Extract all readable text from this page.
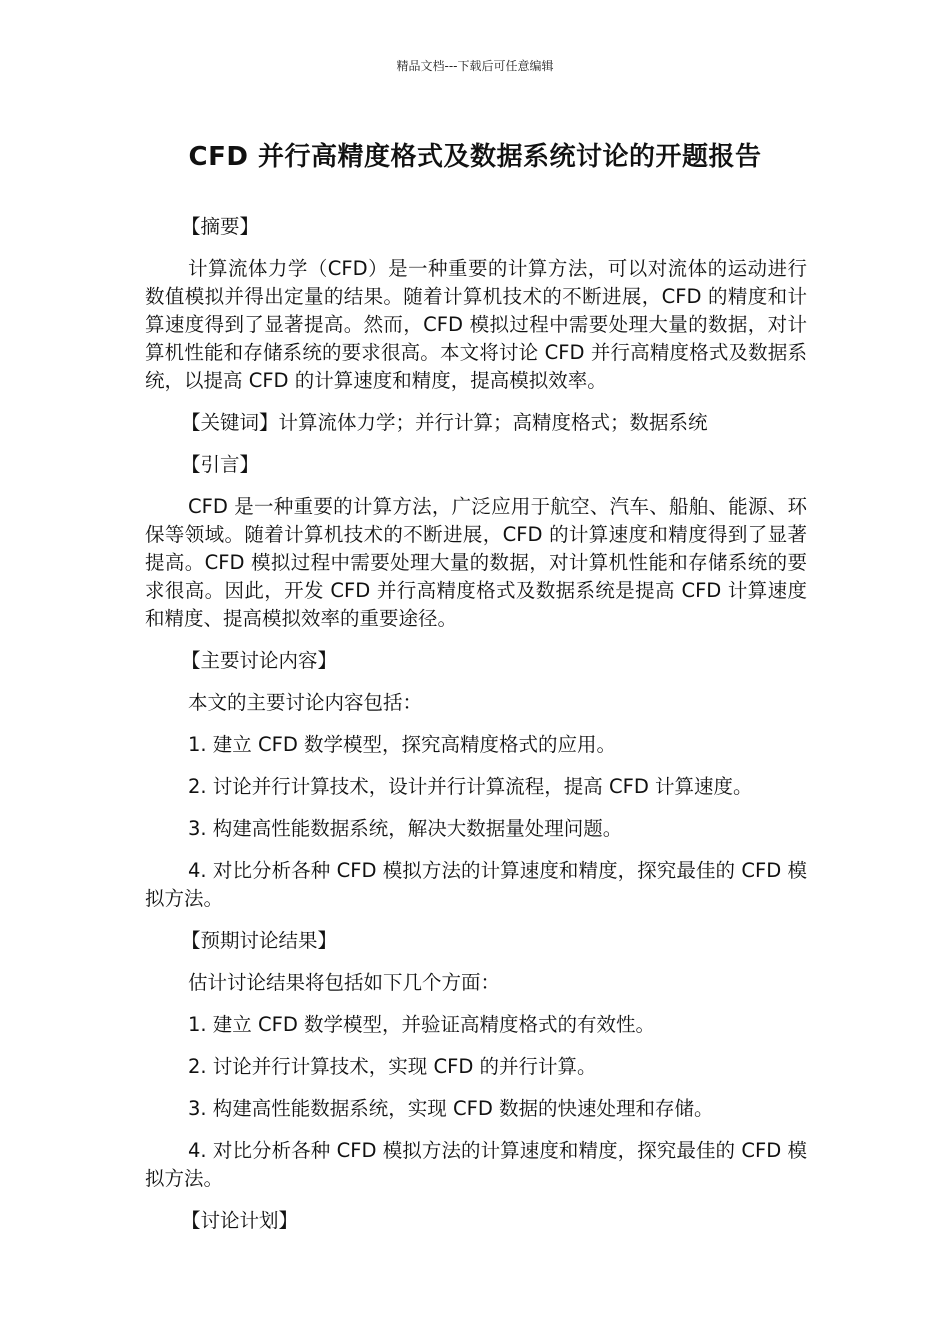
精品文档---下载后可任意编辑
CFD 并行高精度格式及数据系统讨论的开题报告
【摘要】

计算流体力学（CFD）是一种重要的计算方法，可以对流体的运动进行数值模拟并得出定量的结果。随着计算机技术的不断进展，CFD 的精度和计算速度得到了显著提高。然而，CFD 模拟过程中需要处理大量的数据，对计算机性能和存储系统的要求很高。本文将讨论 CFD 并行高精度格式及数据系统，以提高 CFD 的计算速度和精度，提高模拟效率。

【关键词】计算流体力学；并行计算；高精度格式；数据系统
【引言】

CFD 是一种重要的计算方法，广泛应用于航空、汽车、船舶、能源、环保等领域。随着计算机技术的不断进展，CFD 的计算速度和精度得到了显著提高。CFD 模拟过程中需要处理大量的数据，对计算机性能和存储系统的要求很高。因此，开发 CFD 并行高精度格式及数据系统是提高 CFD 计算速度和精度、提高模拟效率的重要途径。

【主要讨论内容】

本文的主要讨论内容包括：

1. 建立 CFD 数学模型，探究高精度格式的应用。

2. 讨论并行计算技术，设计并行计算流程，提高 CFD 计算速度。

3. 构建高性能数据系统，解决大数据量处理问题。

4. 对比分析各种 CFD 模拟方法的计算速度和精度，探究最佳的 CFD 模拟方法。

【预期讨论结果】

估计讨论结果将包括如下几个方面：

1. 建立 CFD 数学模型，并验证高精度格式的有效性。

2. 讨论并行计算技术，实现 CFD 的并行计算。

3. 构建高性能数据系统，实现 CFD 数据的快速处理和存储。

4. 对比分析各种 CFD 模拟方法的计算速度和精度，探究最佳的 CFD 模拟方法。

【讨论计划】
